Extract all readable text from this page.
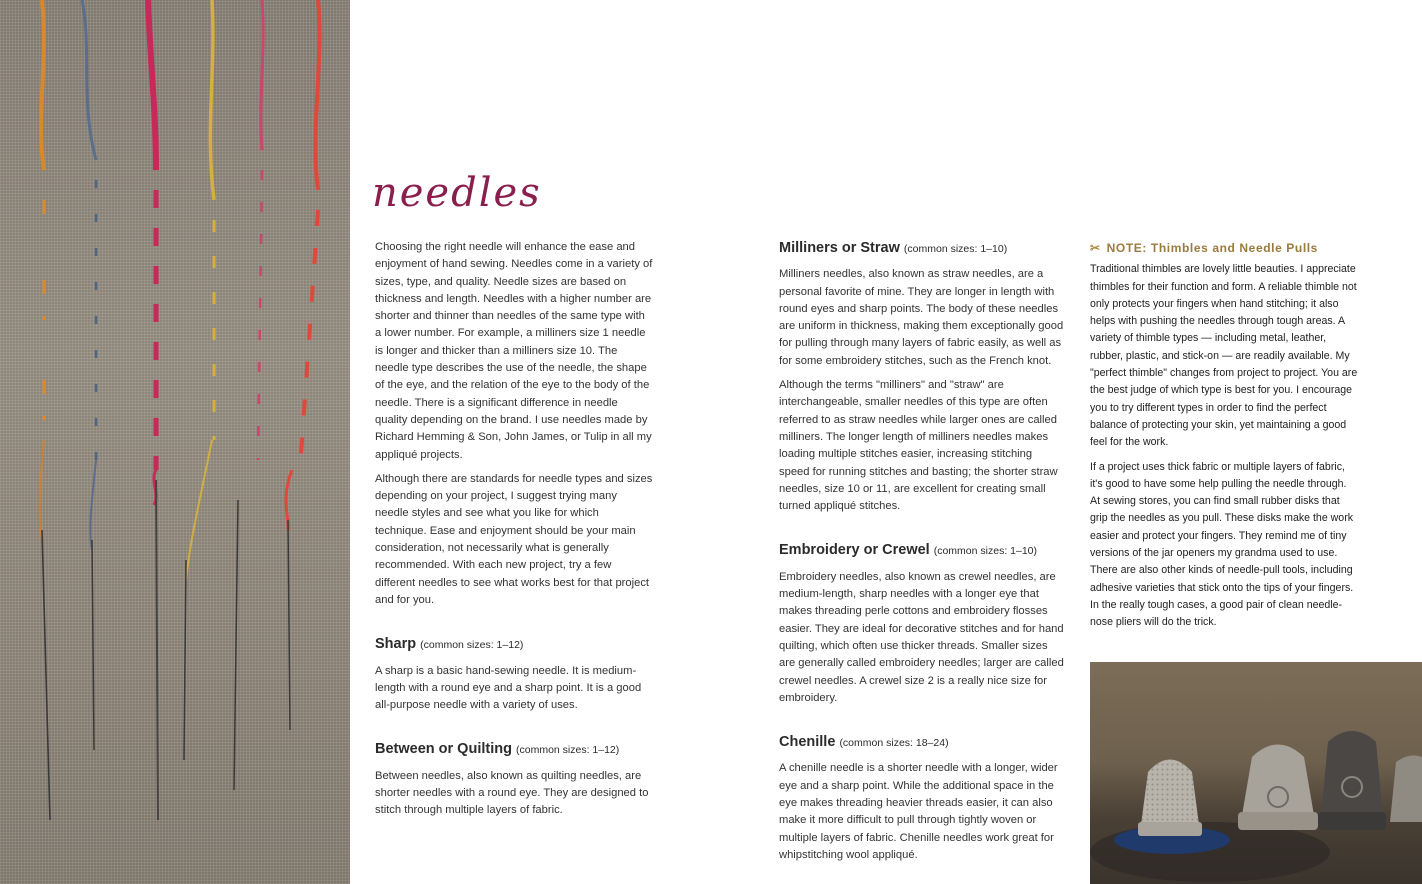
needles

Choosing the right needle will enhance the ease and enjoyment of hand sewing. Needles come in a variety of sizes, type, and quality. Needle sizes are based on thickness and length. Needles with a higher number are shorter and thinner than needles of the same type with a lower number. For example, a milliners size 1 needle is longer and thicker than a milliners size 10. The needle type describes the use of the needle, the shape of the eye, and the relation of the eye to the body of the needle. There is a significant difference in needle quality depending on the brand. I use needles made by Richard Hemming & Son, John James, or Tulip in all my appliqué projects.

Although there are standards for needle types and sizes depending on your project, I suggest trying many needle styles and see what you like for which technique. Ease and enjoyment should be your main consideration, not necessarily what is generally recommended. With each new project, try a few different needles to see what works best for that project and for you.

Sharp (common sizes: 1–12)

A sharp is a basic hand-sewing needle. It is medium-length with a round eye and a sharp point. It is a good all-purpose needle with a variety of uses.

Between or Quilting (common sizes: 1–12)

Between needles, also known as quilting needles, are shorter needles with a round eye. They are designed to stitch through multiple layers of fabric.

Milliners or Straw (common sizes: 1–10)

Milliners needles, also known as straw needles, are a personal favorite of mine. They are longer in length with round eyes and sharp points. The body of these needles are uniform in thickness, making them exceptionally good for pulling through many layers of fabric easily, as well as for some embroidery stitches, such as the French knot.

Although the terms "milliners" and "straw" are interchangeable, smaller needles of this type are often referred to as straw needles while larger ones are called milliners. The longer length of milliners needles makes loading multiple stitches easier, increasing stitching speed for running stitches and basting; the shorter straw needles, size 10 or 11, are excellent for creating small turned appliqué stitches.

Embroidery or Crewel (common sizes: 1–10)

Embroidery needles, also known as crewel needles, are medium-length, sharp needles with a longer eye that makes threading perle cottons and embroidery flosses easier. They are ideal for decorative stitches and for hand quilting, which often use thicker threads. Smaller sizes are generally called embroidery needles; larger are called crewel needles. A crewel size 2 is a really nice size for embroidery.

Chenille (common sizes: 18–24)

A chenille needle is a shorter needle with a longer, wider eye and a sharp point. While the additional space in the eye makes threading heavier threads easier, it can also make it more difficult to pull through tightly woven or multiple layers of fabric. Chenille needles work great for whipstitching wool appliqué.

✂ NOTE: Thimbles and Needle Pulls

Traditional thimbles are lovely little beauties. I appreciate thimbles for their function and form. A reliable thimble not only protects your fingers when hand stitching; it also helps with pushing the needles through tough areas. A variety of thimble types — including metal, leather, rubber, plastic, and stick-on — are readily available. My "perfect thimble" changes from project to project. You are the best judge of which type is best for you. I encourage you to try different types in order to find the perfect balance of protecting your skin, yet maintaining a good feel for the work.

If a project uses thick fabric or multiple layers of fabric, it's good to have some help pulling the needle through. At sewing stores, you can find small rubber disks that grip the needles as you pull. These disks make the work easier and protect your fingers. They remind me of tiny versions of the jar openers my grandma used to use. There are also other kinds of needle-pull tools, including adhesive varieties that stick onto the tips of your fingers. In the really tough cases, a good pair of clean needle-nose pliers will do the trick.
